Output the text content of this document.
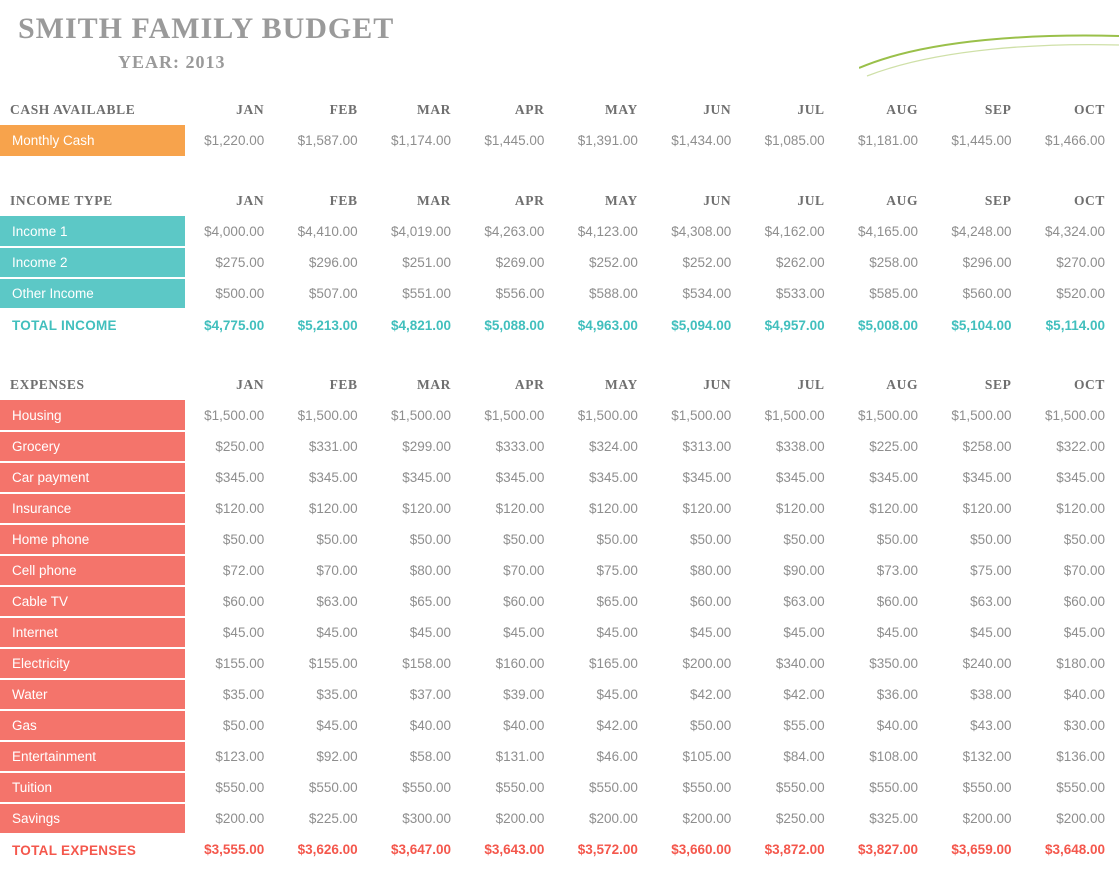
SMITH FAMILY BUDGET
YEAR: 2013
CASH AVAILABLE	JAN	FEB	MAR	APR	MAY	JUN	JUL	AUG	SEP	OCT
Monthly Cash	$1,220.00	$1,587.00	$1,174.00	$1,445.00	$1,391.00	$1,434.00	$1,085.00	$1,181.00	$1,445.00	$1,466.00
INCOME TYPE	JAN	FEB	MAR	APR	MAY	JUN	JUL	AUG	SEP	OCT
Income 1	$4,000.00	$4,410.00	$4,019.00	$4,263.00	$4,123.00	$4,308.00	$4,162.00	$4,165.00	$4,248.00	$4,324.00
Income 2	$275.00	$296.00	$251.00	$269.00	$252.00	$252.00	$262.00	$258.00	$296.00	$270.00
Other Income	$500.00	$507.00	$551.00	$556.00	$588.00	$534.00	$533.00	$585.00	$560.00	$520.00
TOTAL INCOME	$4,775.00	$5,213.00	$4,821.00	$5,088.00	$4,963.00	$5,094.00	$4,957.00	$5,008.00	$5,104.00	$5,114.00
EXPENSES	JAN	FEB	MAR	APR	MAY	JUN	JUL	AUG	SEP	OCT
Housing	$1,500.00	$1,500.00	$1,500.00	$1,500.00	$1,500.00	$1,500.00	$1,500.00	$1,500.00	$1,500.00	$1,500.00
Grocery	$250.00	$331.00	$299.00	$333.00	$324.00	$313.00	$338.00	$225.00	$258.00	$322.00
Car payment	$345.00	$345.00	$345.00	$345.00	$345.00	$345.00	$345.00	$345.00	$345.00	$345.00
Insurance	$120.00	$120.00	$120.00	$120.00	$120.00	$120.00	$120.00	$120.00	$120.00	$120.00
Home phone	$50.00	$50.00	$50.00	$50.00	$50.00	$50.00	$50.00	$50.00	$50.00	$50.00
Cell phone	$72.00	$70.00	$80.00	$70.00	$75.00	$80.00	$90.00	$73.00	$75.00	$70.00
Cable TV	$60.00	$63.00	$65.00	$60.00	$65.00	$60.00	$63.00	$60.00	$63.00	$60.00
Internet	$45.00	$45.00	$45.00	$45.00	$45.00	$45.00	$45.00	$45.00	$45.00	$45.00
Electricity	$155.00	$155.00	$158.00	$160.00	$165.00	$200.00	$340.00	$350.00	$240.00	$180.00
Water	$35.00	$35.00	$37.00	$39.00	$45.00	$42.00	$42.00	$36.00	$38.00	$40.00
Gas	$50.00	$45.00	$40.00	$40.00	$42.00	$50.00	$55.00	$40.00	$43.00	$30.00
Entertainment	$123.00	$92.00	$58.00	$131.00	$46.00	$105.00	$84.00	$108.00	$132.00	$136.00
Tuition	$550.00	$550.00	$550.00	$550.00	$550.00	$550.00	$550.00	$550.00	$550.00	$550.00
Savings	$200.00	$225.00	$300.00	$200.00	$200.00	$200.00	$250.00	$325.00	$200.00	$200.00
TOTAL EXPENSES	$3,555.00	$3,626.00	$3,647.00	$3,643.00	$3,572.00	$3,660.00	$3,872.00	$3,827.00	$3,659.00	$3,648.00
